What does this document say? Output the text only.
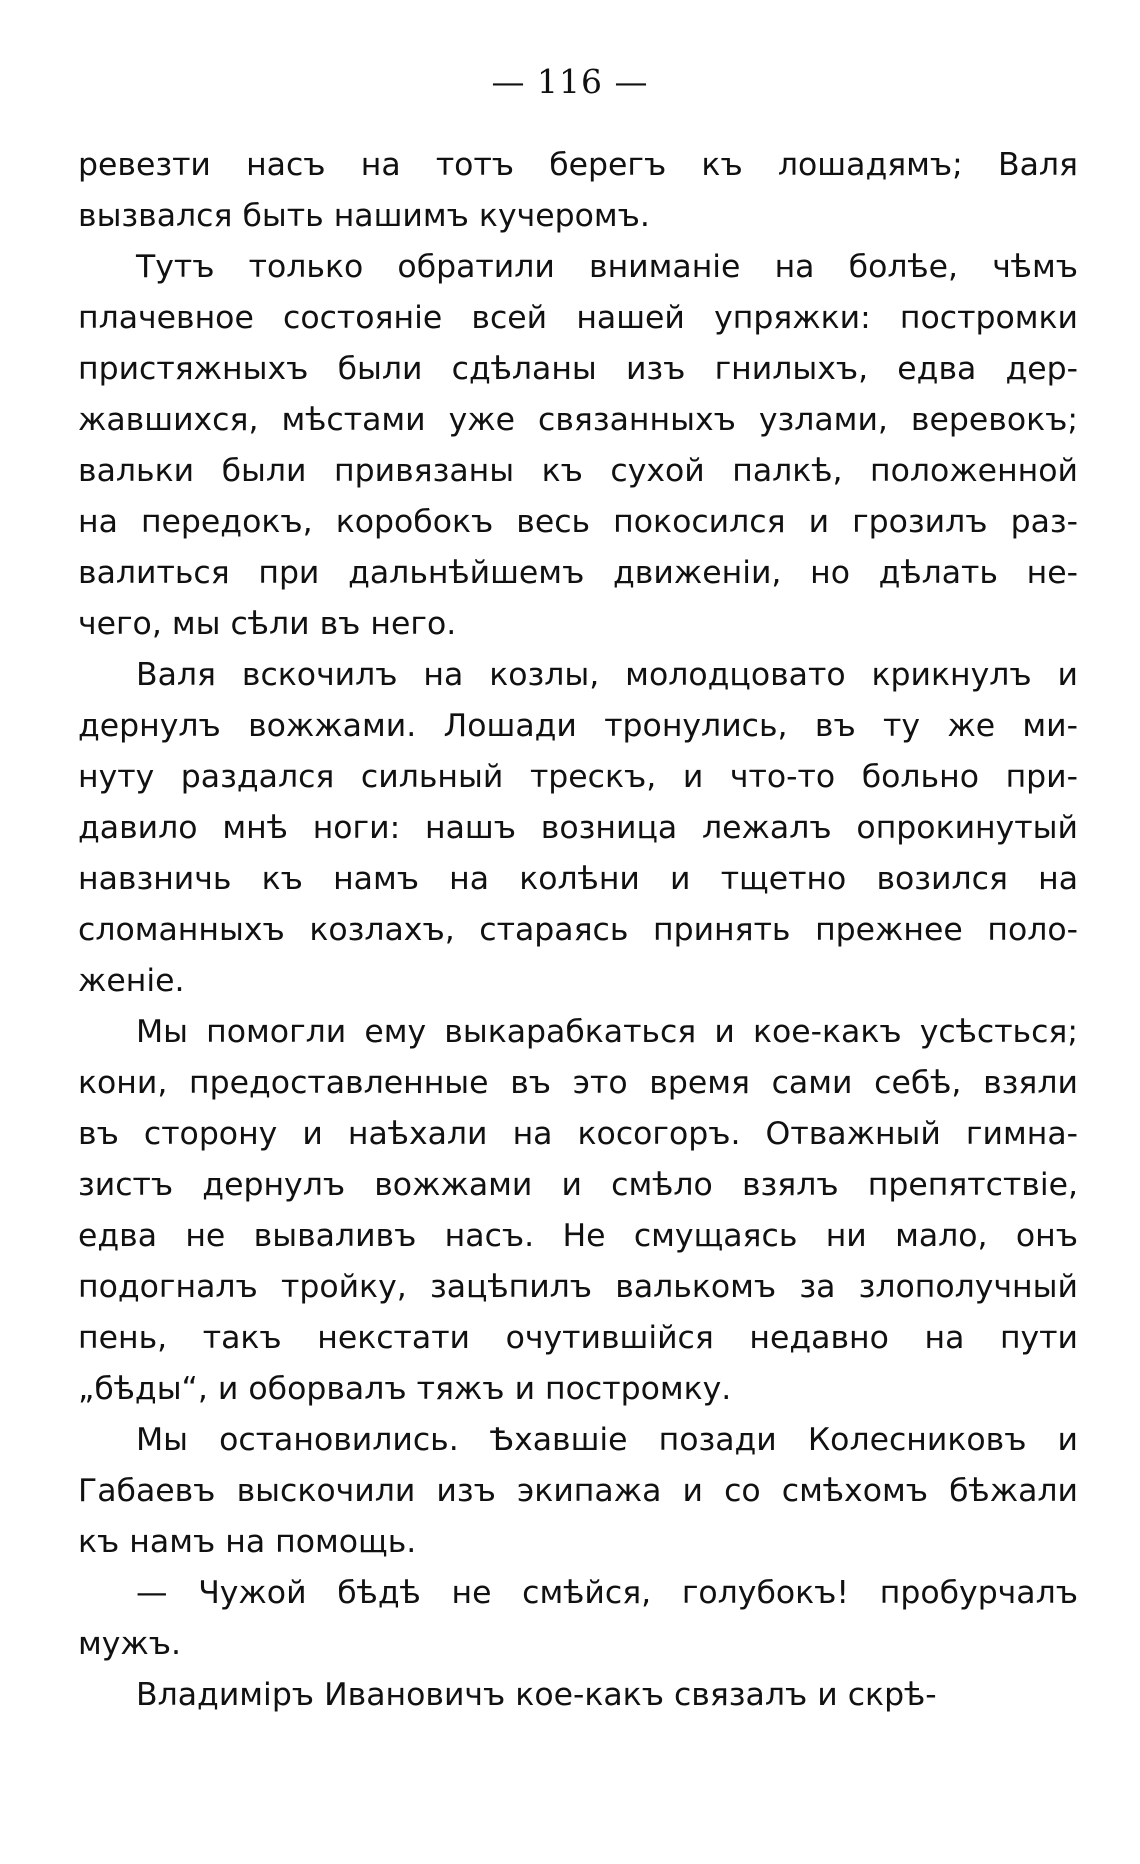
— 116 —
ревезти насъ на тотъ берегъ къ лошадямъ; Валя
вызвался быть нашимъ кучеромъ.
Тутъ только обратили вниманіе на болѣе, чѣмъ
плачевное состояніе всей нашей упряжки: постромки
пристяжныхъ были сдѣланы изъ гнилыхъ, едва дер-
жавшихся, мѣстами уже связанныхъ узлами, веревокъ;
вальки были привязаны къ сухой палкѣ, положенной
на передокъ, коробокъ весь покосился и грозилъ раз-
валиться при дальнѣйшемъ движеніи, но дѣлать не-
чего, мы сѣли въ него.
Валя вскочилъ на козлы, молодцовато крикнулъ и
дернулъ вожжами. Лошади тронулись, въ ту же ми-
нуту раздался сильный трескъ, и что-то больно при-
давило мнѣ ноги: нашъ возница лежалъ опрокинутый
навзничь къ намъ на колѣни и тщетно возился на
сломанныхъ козлахъ, стараясь принять прежнее поло-
женіе.
Мы помогли ему выкарабкаться и кое-какъ усѣсться;
кони, предоставленные въ это время сами себѣ, взяли
въ сторону и наѣхали на косогоръ. Отважный гимна-
зистъ дернулъ вожжами и смѣло взялъ препятствіе,
едва не вываливъ насъ. Не смущаясь ни мало, онъ
подогналъ тройку, зацѣпилъ валькомъ за злополучный
пень, такъ некстати очутившійся недавно на пути
„бѣды“, и оборвалъ тяжъ и постромку.
Мы остановились. Ѣхавшіе позади Колесниковъ и
Габаевъ выскочили изъ экипажа и со смѣхомъ бѣжали
къ намъ на помощь.
— Чужой бѣдѣ не смѣйся, голубокъ! пробурчалъ
мужъ.
Владиміръ Ивановичъ кое-какъ связалъ и скрѣ-
